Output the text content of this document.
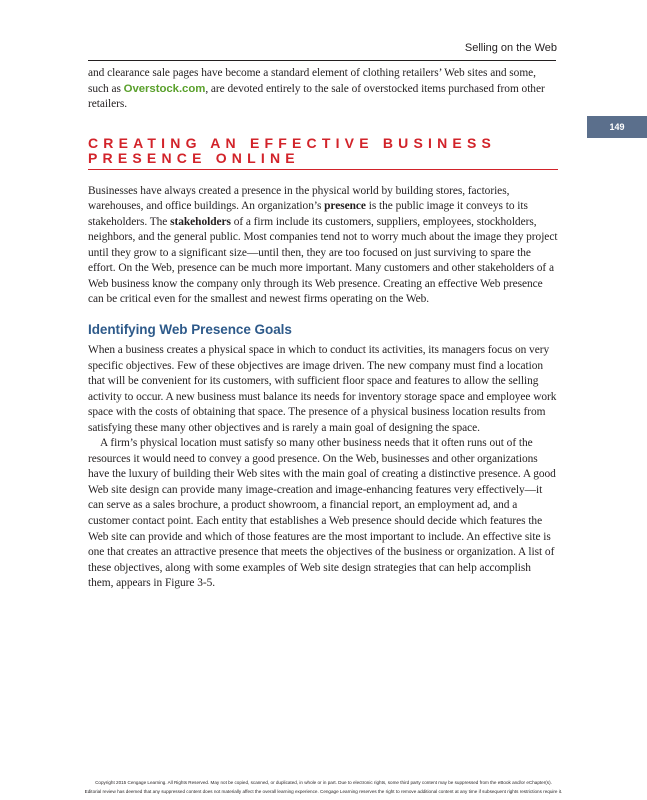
Selling on the Web
149

and clearance sale pages have become a standard element of clothing retailers’ Web sites and some, such as Overstock.com, are devoted entirely to the sale of overstocked items purchased from other retailers.

CREATING AN EFFECTIVE BUSINESS
PRESENCE ONLINE

Businesses have always created a presence in the physical world by building stores, factories, warehouses, and office buildings. An organization’s presence is the public image it conveys to its stakeholders. The stakeholders of a firm include its customers, suppliers, employees, stockholders, neighbors, and the general public. Most companies tend not to worry much about the image they project until they grow to a significant size—until then, they are too focused on just surviving to spare the effort. On the Web, presence can be much more important. Many customers and other stakeholders of a Web business know the company only through its Web presence. Creating an effective Web presence can be critical even for the smallest and newest firms operating on the Web.

Identifying Web Presence Goals

When a business creates a physical space in which to conduct its activities, its managers focus on very specific objectives. Few of these objectives are image driven. The new company must find a location that will be convenient for its customers, with sufficient floor space and features to allow the selling activity to occur. A new business must balance its needs for inventory storage space and employee work space with the costs of obtaining that space. The presence of a physical business location results from satisfying these many other objectives and is rarely a main goal of designing the space.

A firm’s physical location must satisfy so many other business needs that it often runs out of the resources it would need to convey a good presence. On the Web, businesses and other organizations have the luxury of building their Web sites with the main goal of creating a distinctive presence. A good Web site design can provide many image-creation and image-enhancing features very effectively—it can serve as a sales brochure, a product showroom, a financial report, an employment ad, and a customer contact point. Each entity that establishes a Web presence should decide which features the Web site can provide and which of those features are the most important to include. An effective site is one that creates an attractive presence that meets the objectives of the business or organization. A list of these objectives, along with some examples of Web site design strategies that can help accomplish them, appears in Figure 3-5.

Copyright 2015 Cengage Learning. All Rights Reserved. May not be copied, scanned, or duplicated, in whole or in part. Due to electronic rights, some third party content may be suppressed from the eBook and/or eChapter(s).
Editorial review has deemed that any suppressed content does not materially affect the overall learning experience. Cengage Learning reserves the right to remove additional content at any time if subsequent rights restrictions require it.
